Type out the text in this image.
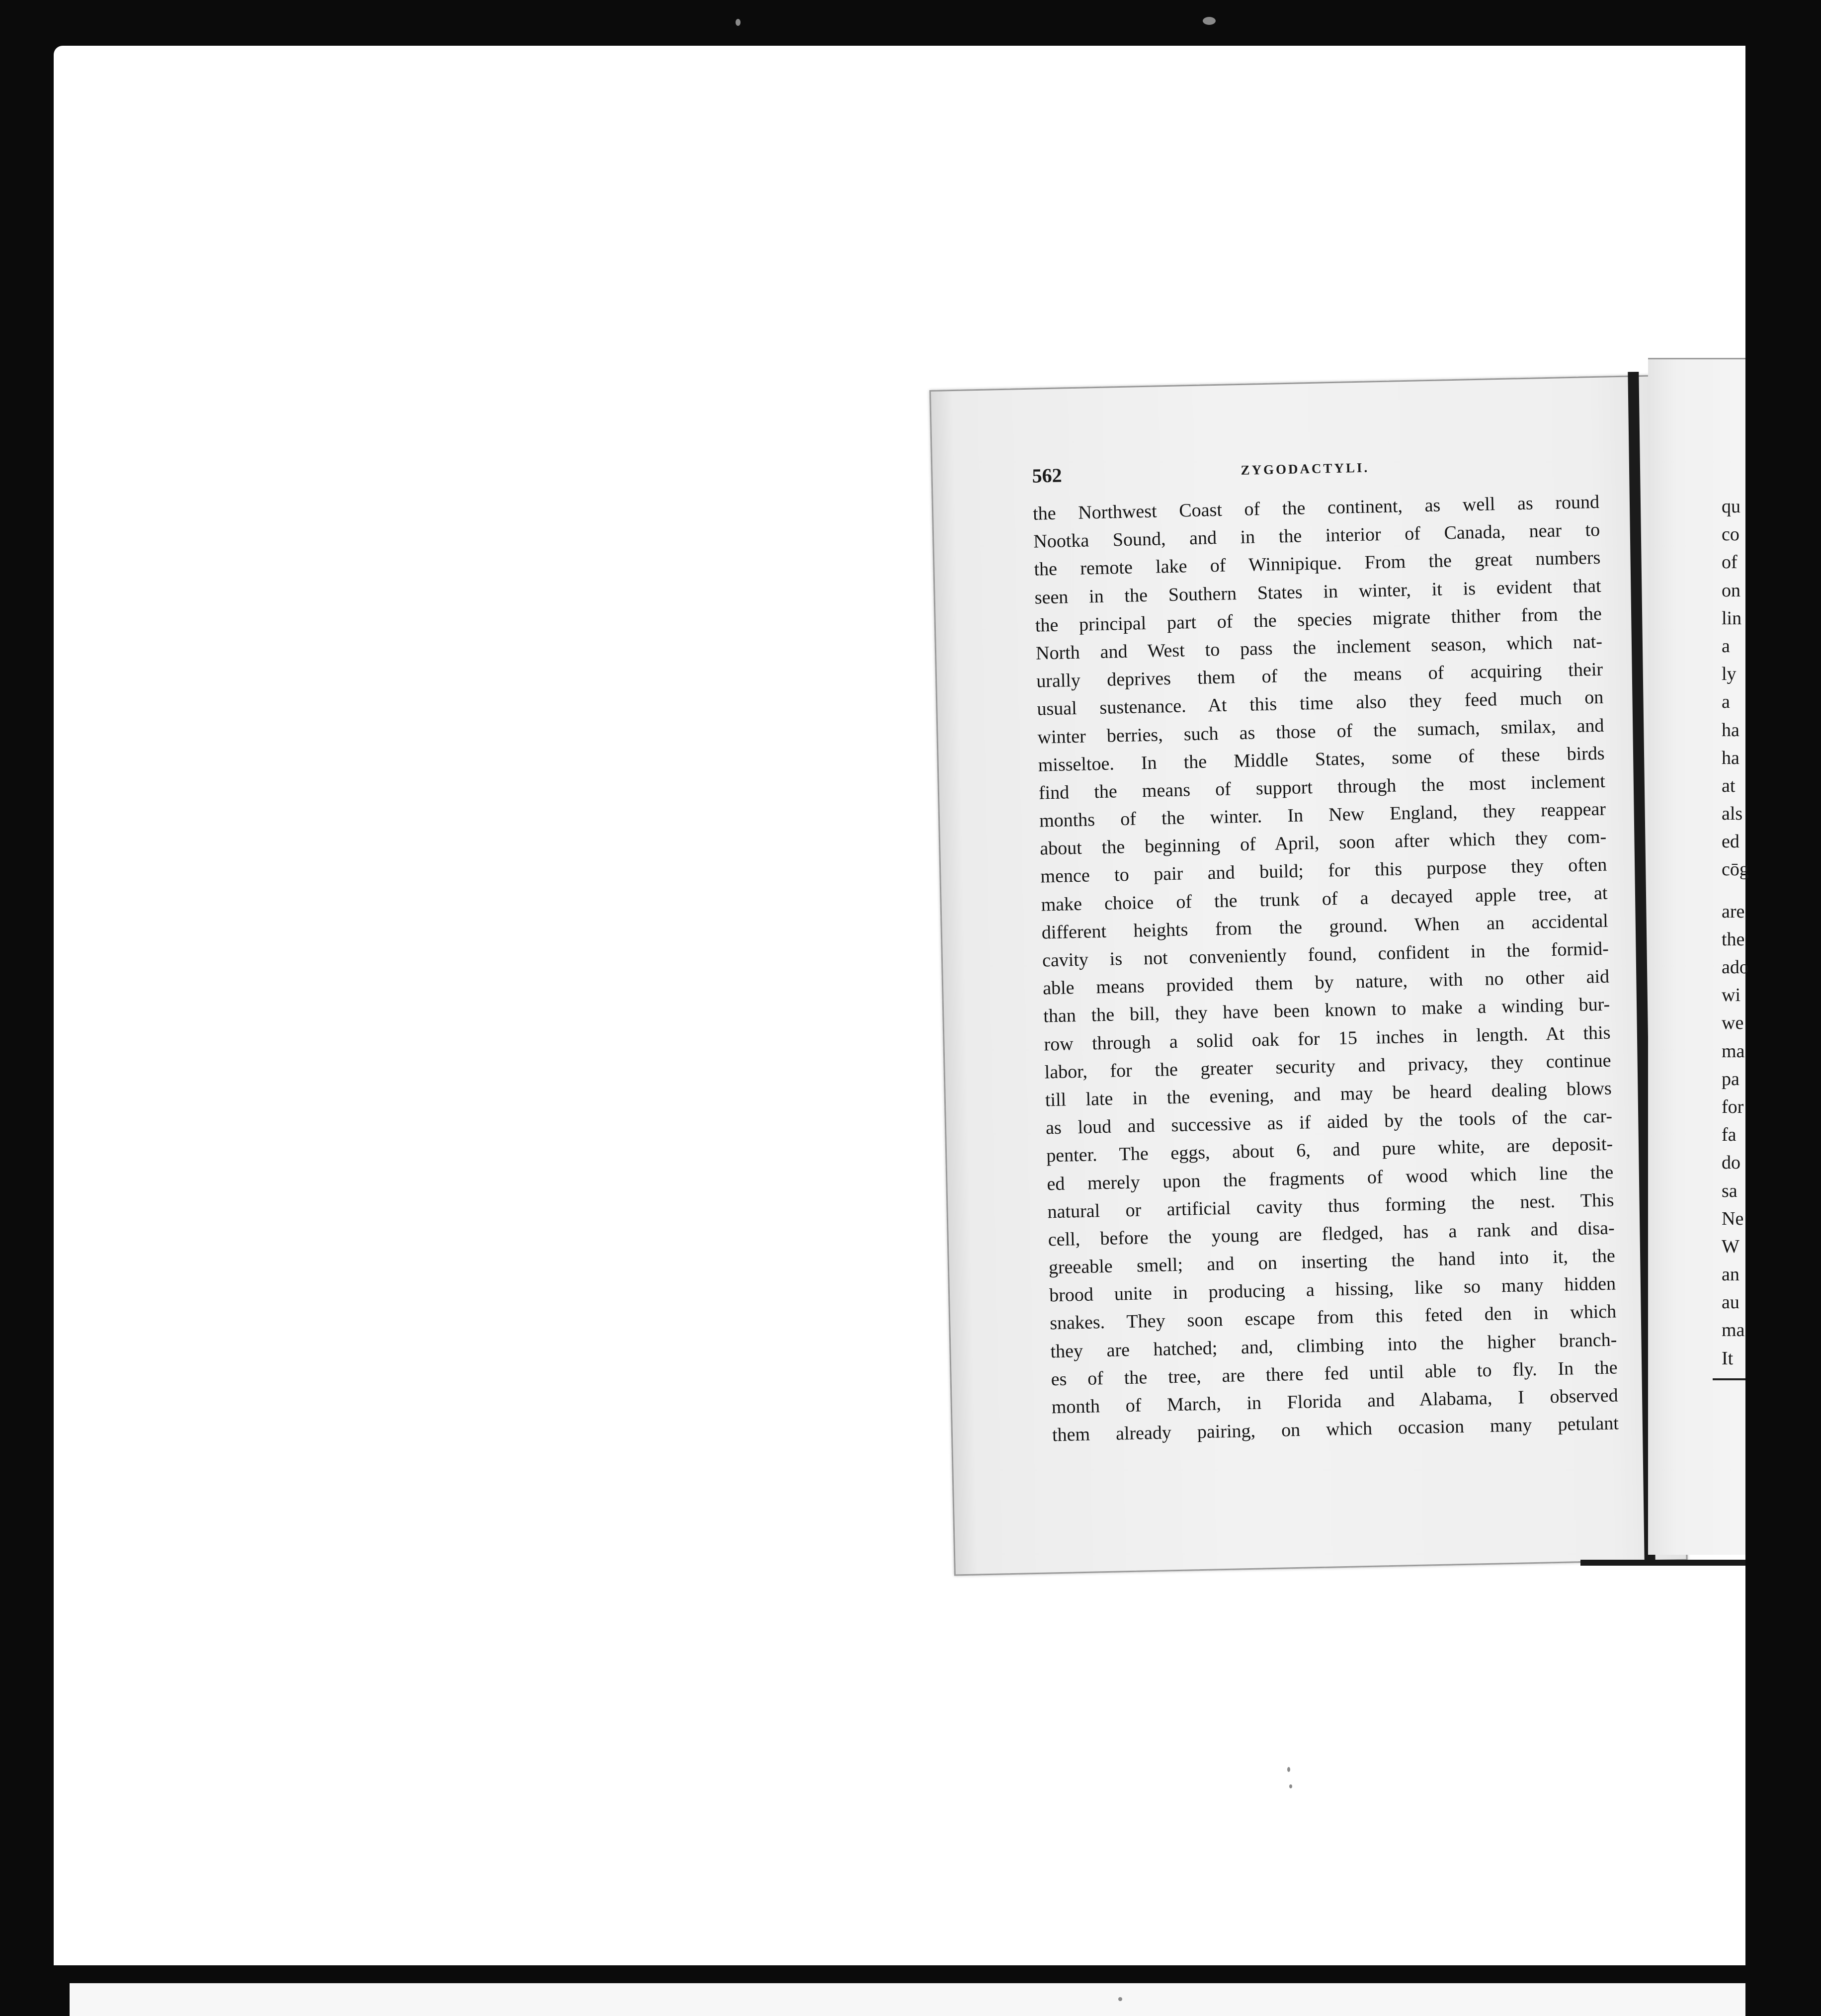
562	ZYGODACTYLI.
the Northwest Coast of the continent, as well as round
Nootka Sound, and in the interior of Canada, near to
the remote lake of Winnipique. From the great numbers
seen in the Southern States in winter, it is evident that
the principal part of the species migrate thither from the
North and West to pass the inclement season, which nat-
urally deprives them of the means of acquiring their
usual sustenance. At this time also they feed much on
winter berries, such as those of the sumach, smilax, and
misseltoe. In the Middle States, some of these birds
find the means of support through the most inclement
months of the winter. In New England, they reappear
about the beginning of April, soon after which they com-
mence to pair and build; for this purpose they often
make choice of the trunk of a decayed apple tree, at
different heights from the ground. When an accidental
cavity is not conveniently found, confident in the formid-
able means provided them by nature, with no other aid
than the bill, they have been known to make a winding bur-
row through a solid oak for 15 inches in length. At this
labor, for the greater security and privacy, they continue
till late in the evening, and may be heard dealing blows
as loud and successive as if aided by the tools of the car-
penter. The eggs, about 6, and pure white, are deposit-
ed merely upon the fragments of wood which line the
natural or artificial cavity thus forming the nest. This
cell, before the young are fledged, has a rank and disa-
greeable smell; and on inserting the hand into it, the
brood unite in producing a hissing, like so many hidden
snakes. They soon escape from this feted den in which
they are hatched; and, climbing into the higher branch-
es of the tree, are there fed until able to fly. In the
month of March, in Florida and Alabama, I observed
them already pairing, on which occasion many petulant
qu
co
of
on
lin
a
ly
a
ha
ha
at
als
ed
cōg
are
the
ado
wi
we
ma
pa
for
fa
do
sa
Ne
W
an
au
ma
It
